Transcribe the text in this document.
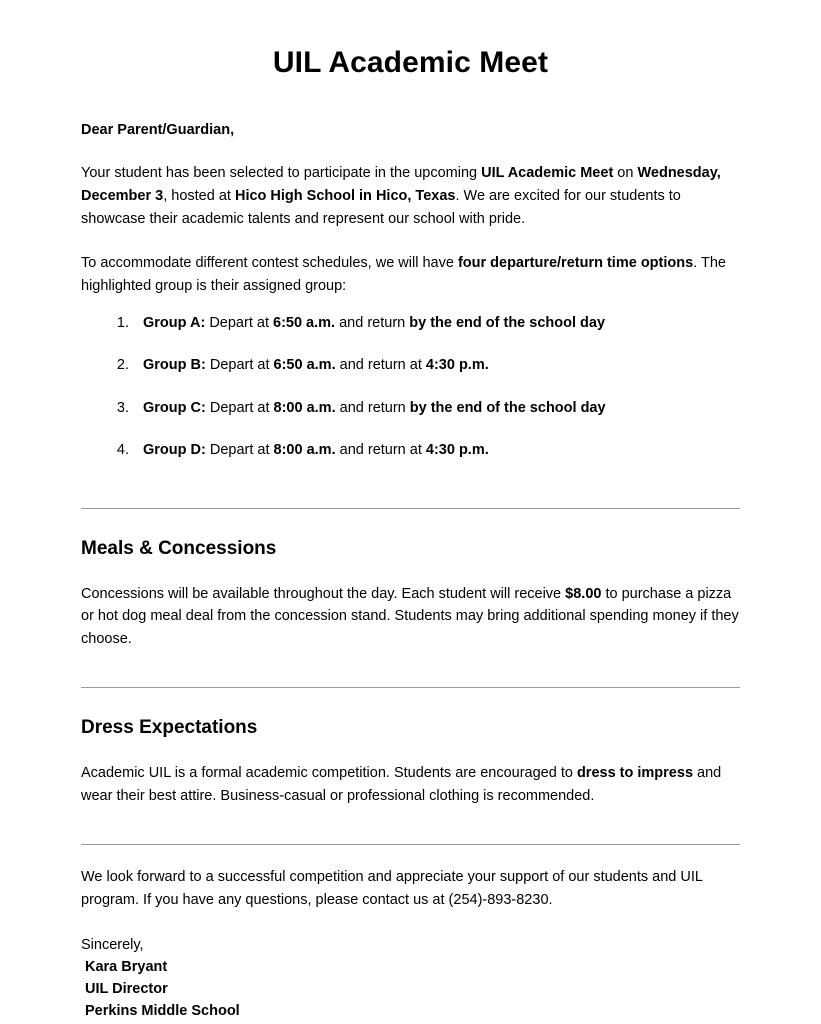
UIL Academic Meet

Dear Parent/Guardian,

Your student has been selected to participate in the upcoming UIL Academic Meet on Wednesday, December 3, hosted at Hico High School in Hico, Texas. We are excited for our students to showcase their academic talents and represent our school with pride.

To accommodate different contest schedules, we will have four departure/return time options. The highlighted group is their assigned group:

1. Group A: Depart at 6:50 a.m. and return by the end of the school day
2. Group B: Depart at 6:50 a.m. and return at 4:30 p.m.
3. Group C: Depart at 8:00 a.m. and return by the end of the school day
4. Group D: Depart at 8:00 a.m. and return at 4:30 p.m.
Meals & Concessions

Concessions will be available throughout the day. Each student will receive $8.00 to purchase a pizza or hot dog meal deal from the concession stand. Students may bring additional spending money if they choose.

Dress Expectations

Academic UIL is a formal academic competition. Students are encouraged to dress to impress and wear their best attire. Business-casual or professional clothing is recommended.

We look forward to a successful competition and appreciate your support of our students and UIL program. If you have any questions, please contact us at (254)-893-8230.

Sincerely,
Kara Bryant
UIL Director
Perkins Middle School
